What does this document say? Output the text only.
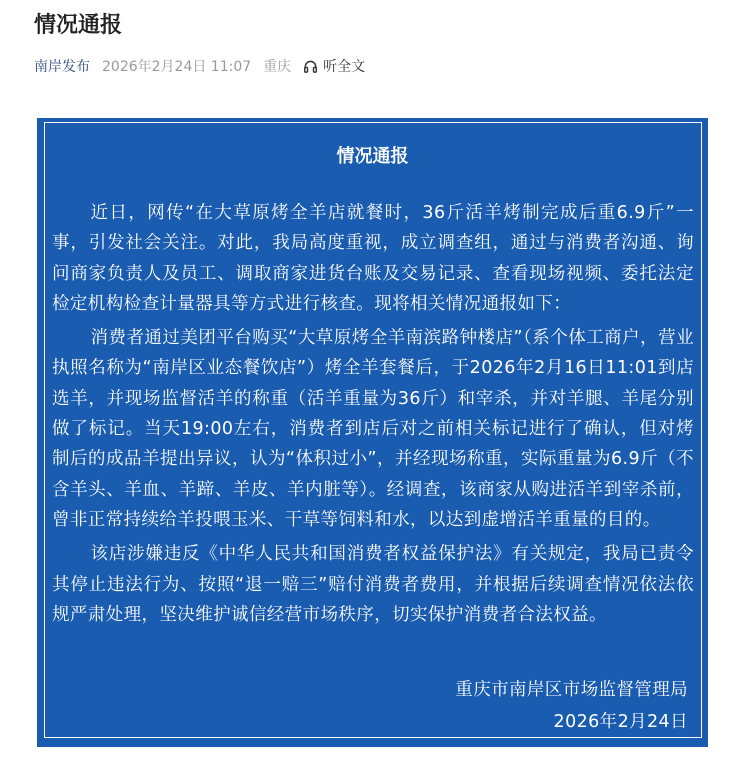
情况通报
南岸发布 2026年2月24日 11:07 重庆 听全文
情况通报

近日，网传“在大草原烤全羊店就餐时，36斤活羊烤制完成后重6.9斤”一事，引发社会关注。对此，我局高度重视，成立调查组，通过与消费者沟通、询问商家负责人及员工、调取商家进货台账及交易记录、查看现场视频、委托法定检定机构检查计量器具等方式进行核查。现将相关情况通报如下：

消费者通过美团平台购买“大草原烤全羊南滨路钟楼店”（系个体工商户，营业执照名称为“南岸区业态餐饮店”）烤全羊套餐后，于2026年2月16日11:01到店选羊，并现场监督活羊的称重（活羊重量为36斤）和宰杀，并对羊腿、羊尾分别做了标记。当天19:00左右，消费者到店后对之前相关标记进行了确认，但对烤制后的成品羊提出异议，认为“体积过小”，并经现场称重，实际重量为6.9斤（不含羊头、羊血、羊蹄、羊皮、羊内脏等）。经调查，该商家从购进活羊到宰杀前，曾非正常持续给羊投喂玉米、干草等饲料和水，以达到虚增活羊重量的目的。

该店涉嫌违反《中华人民共和国消费者权益保护法》有关规定，我局已责令其停止违法行为、按照“退一赔三”赔付消费者费用，并根据后续调查情况依法依规严肃处理，坚决维护诚信经营市场秩序，切实保护消费者合法权益。

重庆市南岸区市场监督管理局
2026年2月24日
